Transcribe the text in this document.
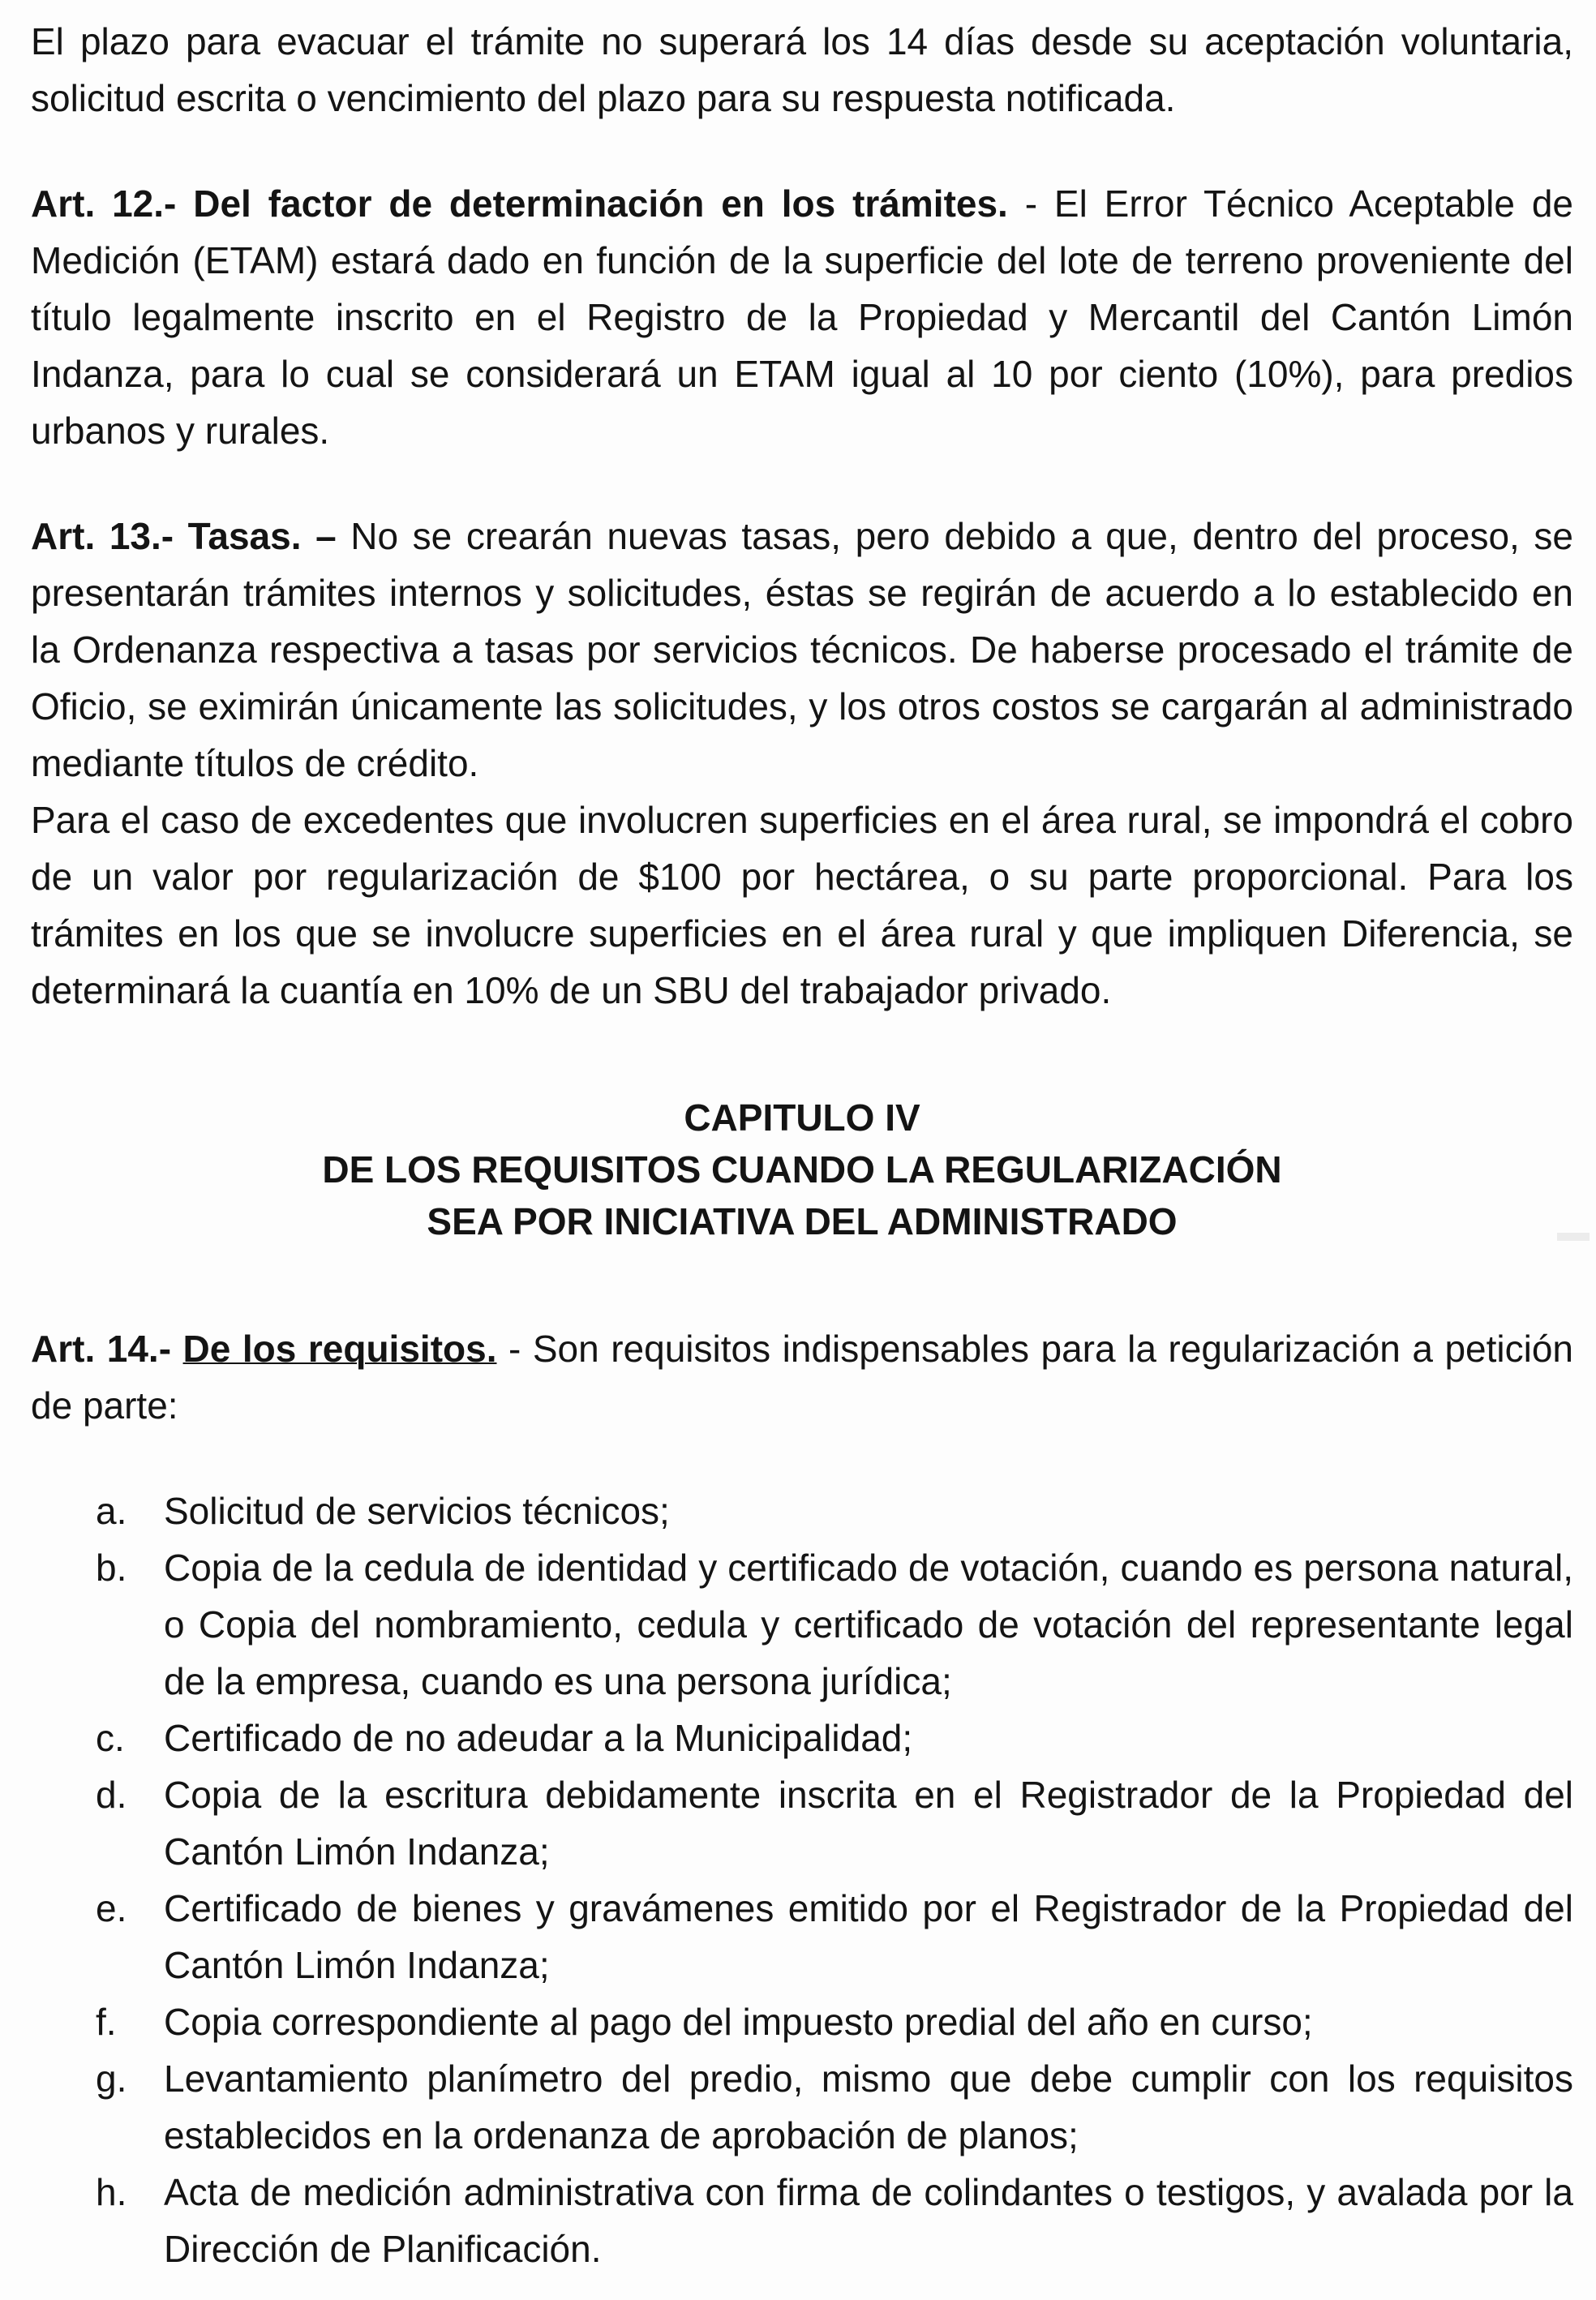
El plazo para evacuar el trámite no superará los 14 días desde su aceptación voluntaria, solicitud escrita o vencimiento del plazo para su respuesta notificada.

Art. 12.- Del factor de determinación en los trámites. - El Error Técnico Aceptable de Medición (ETAM) estará dado en función de la superficie del lote de terreno proveniente del título legalmente inscrito en el Registro de la Propiedad y Mercantil del Cantón Limón Indanza, para lo cual se considerará un ETAM igual al 10 por ciento (10%), para predios urbanos y rurales.

Art. 13.- Tasas. – No se crearán nuevas tasas, pero debido a que, dentro del proceso, se presentarán trámites internos y solicitudes, éstas se regirán de acuerdo a lo establecido en la Ordenanza respectiva a tasas por servicios técnicos. De haberse procesado el trámite de Oficio, se eximirán únicamente las solicitudes, y los otros costos se cargarán al administrado mediante títulos de crédito.

Para el caso de excedentes que involucren superficies en el área rural, se impondrá el cobro de un valor por regularización de $100 por hectárea, o su parte proporcional. Para los trámites en los que se involucre superficies en el área rural y que impliquen Diferencia, se determinará la cuantía en 10% de un SBU del trabajador privado.

CAPITULO IV
DE LOS REQUISITOS CUANDO LA REGULARIZACIÓN
SEA POR INICIATIVA DEL ADMINISTRADO

Art. 14.- De los requisitos. - Son requisitos indispensables para la regularización a petición de parte:

a. Solicitud de servicios técnicos;
b. Copia de la cedula de identidad y certificado de votación, cuando es persona natural, o Copia del nombramiento, cedula y certificado de votación del representante legal de la empresa, cuando es una persona jurídica;
c.	Certificado de no adeudar a la Municipalidad;
d. Copia de la escritura debidamente inscrita en el Registrador de la Propiedad del Cantón Limón Indanza;
e. Certificado de bienes y gravámenes emitido por el Registrador de la Propiedad del Cantón Limón Indanza;
f.	Copia correspondiente al pago del impuesto predial del año en curso;
g. Levantamiento planímetro del predio, mismo que debe cumplir con los requisitos establecidos en la ordenanza de aprobación de planos;
h. Acta de medición administrativa con firma de colindantes o testigos, y avalada por la Dirección de Planificación.
